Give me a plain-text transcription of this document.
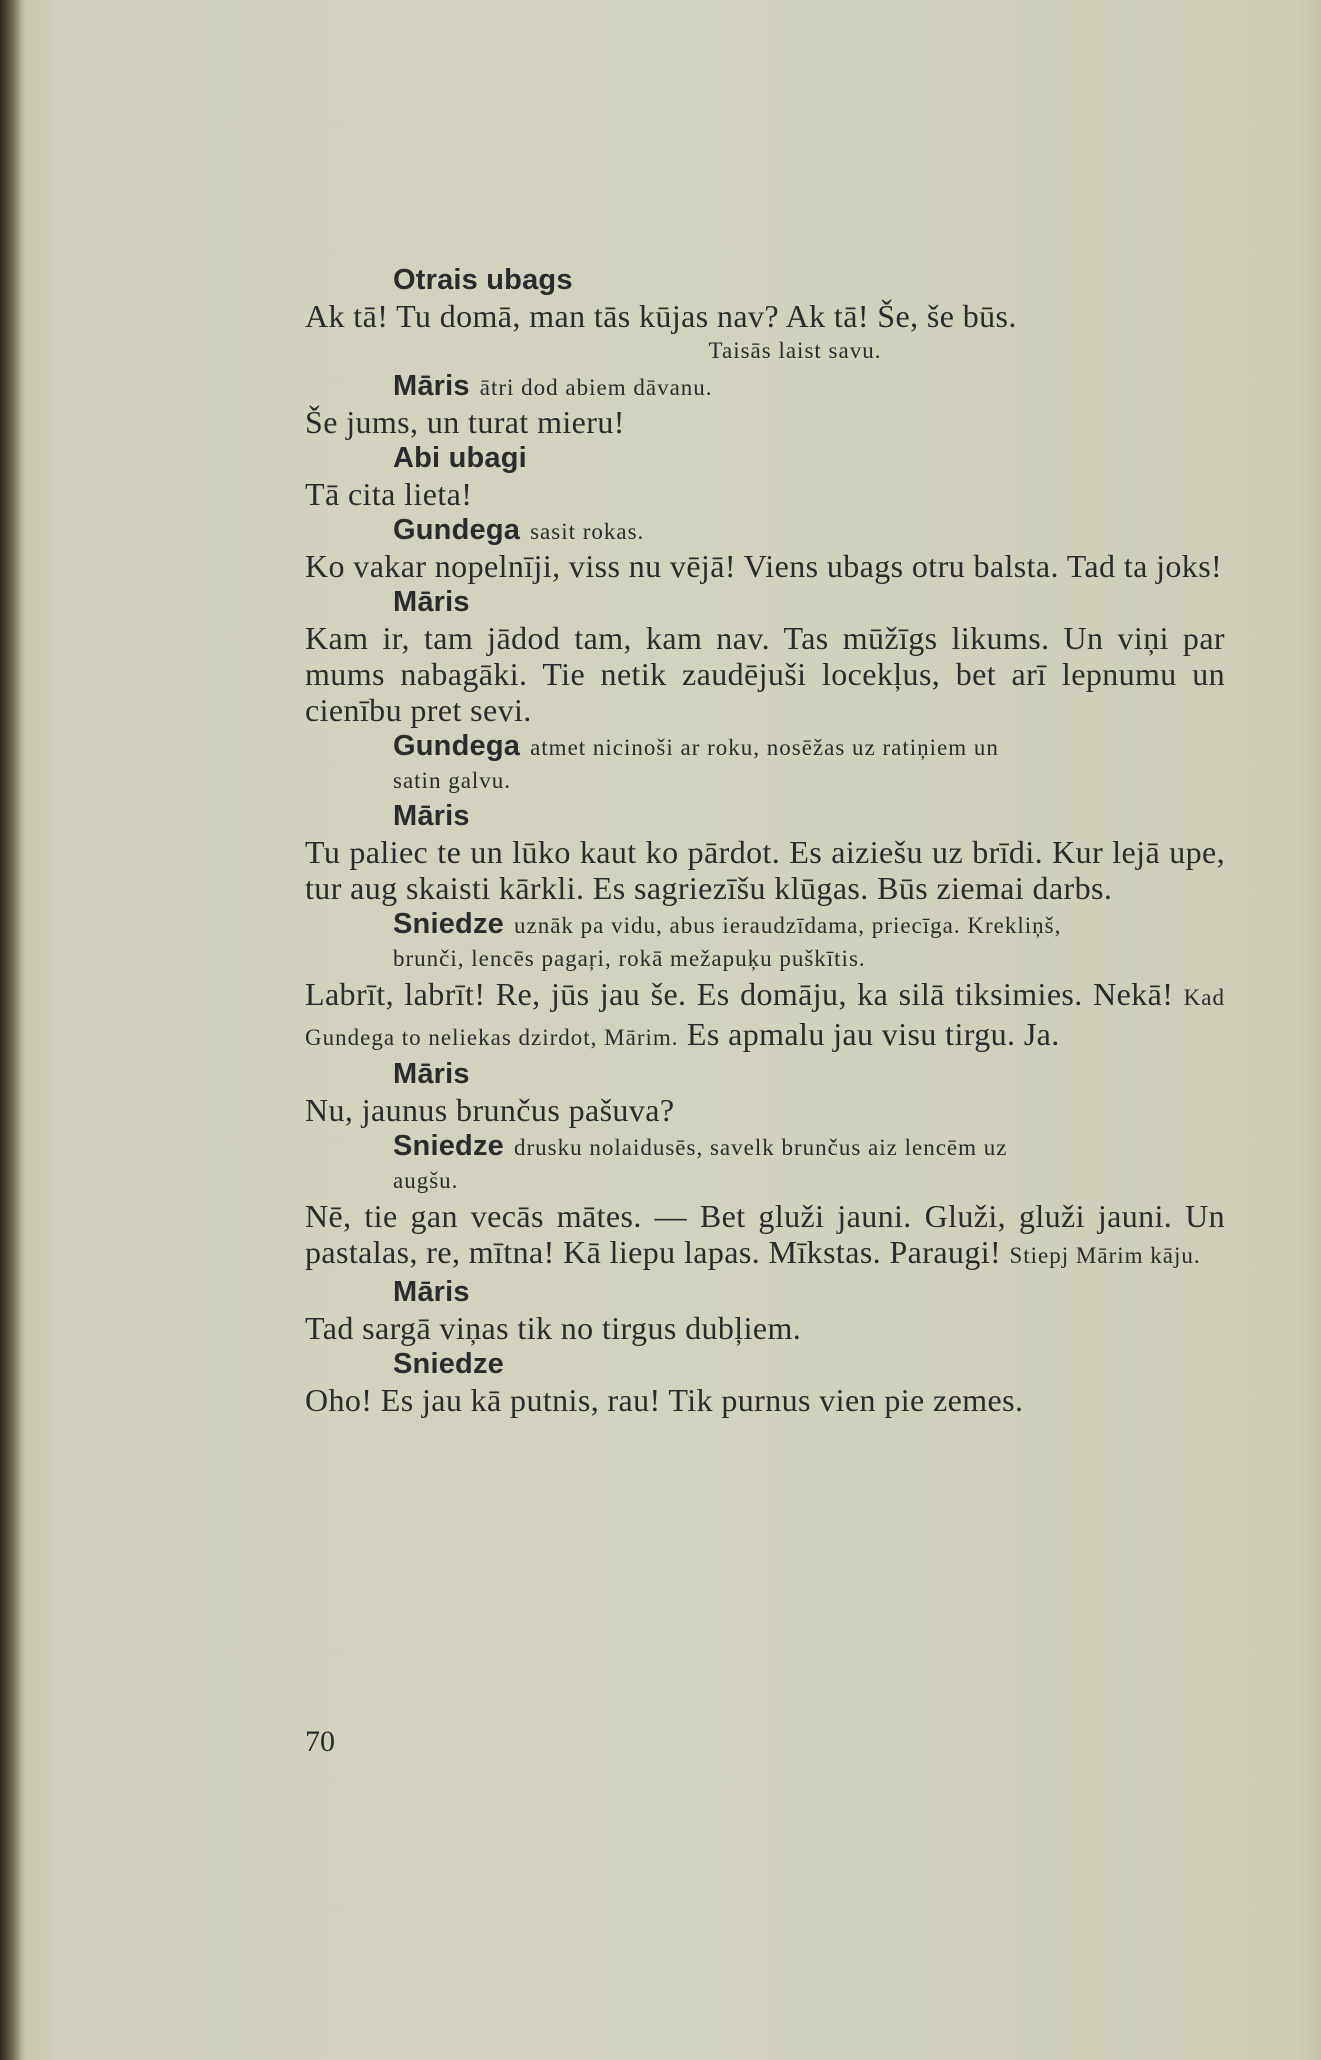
Otrais ubags

Ak tā! Tu domā, man tās kūjas nav? Ak tā! Še, še būs.

Taisās laist savu.

Māris ātri dod abiem dāvanu.

Še jums, un turat mieru!

Abi ubagi

Tā cita lieta!

Gundega sasit rokas.

Ko vakar nopelnīji, viss nu vējā! Viens ubags otru balsta. Tad ta joks!

Māris

Kam ir, tam jādod tam, kam nav. Tas mūžīgs likums. Un viņi par mums nabagāki. Tie netik zaudējuši locekļus, bet arī lepnumu un cienību pret sevi.

Gundega atmet nicinoši ar roku, nosēžas uz ratiņiem un

satin galvu.

Māris

Tu paliec te un lūko kaut ko pārdot. Es aiziešu uz brīdi. Kur lejā upe, tur aug skaisti kārkli. Es sagriezīšu klūgas. Būs ziemai darbs.

Sniedze uznāk pa vidu, abus ieraudzīdama, priecīga. Krekliņš,

brunči, lencēs pagaŗi, rokā mežapuķu puškītis.

Labrīt, labrīt! Re, jūs jau še. Es domāju, ka silā tiksimies. Nekā! Kad Gundega to neliekas dzirdot, Mārim. Es apmalu jau visu tirgu. Ja.

Māris

Nu, jaunus brunčus pašuva?

Sniedze drusku nolaidusēs, savelk brunčus aiz lencēm uz

augšu.

Nē, tie gan vecās mātes. — Bet gluži jauni. Gluži, gluži jauni. Un pastalas, re, mītna! Kā liepu lapas. Mīkstas. Paraugi! Stiepj Mārim kāju.

Māris

Tad sargā viņas tik no tirgus dubļiem.

Sniedze

Oho! Es jau kā putnis, rau! Tik purnus vien pie zemes.

70
